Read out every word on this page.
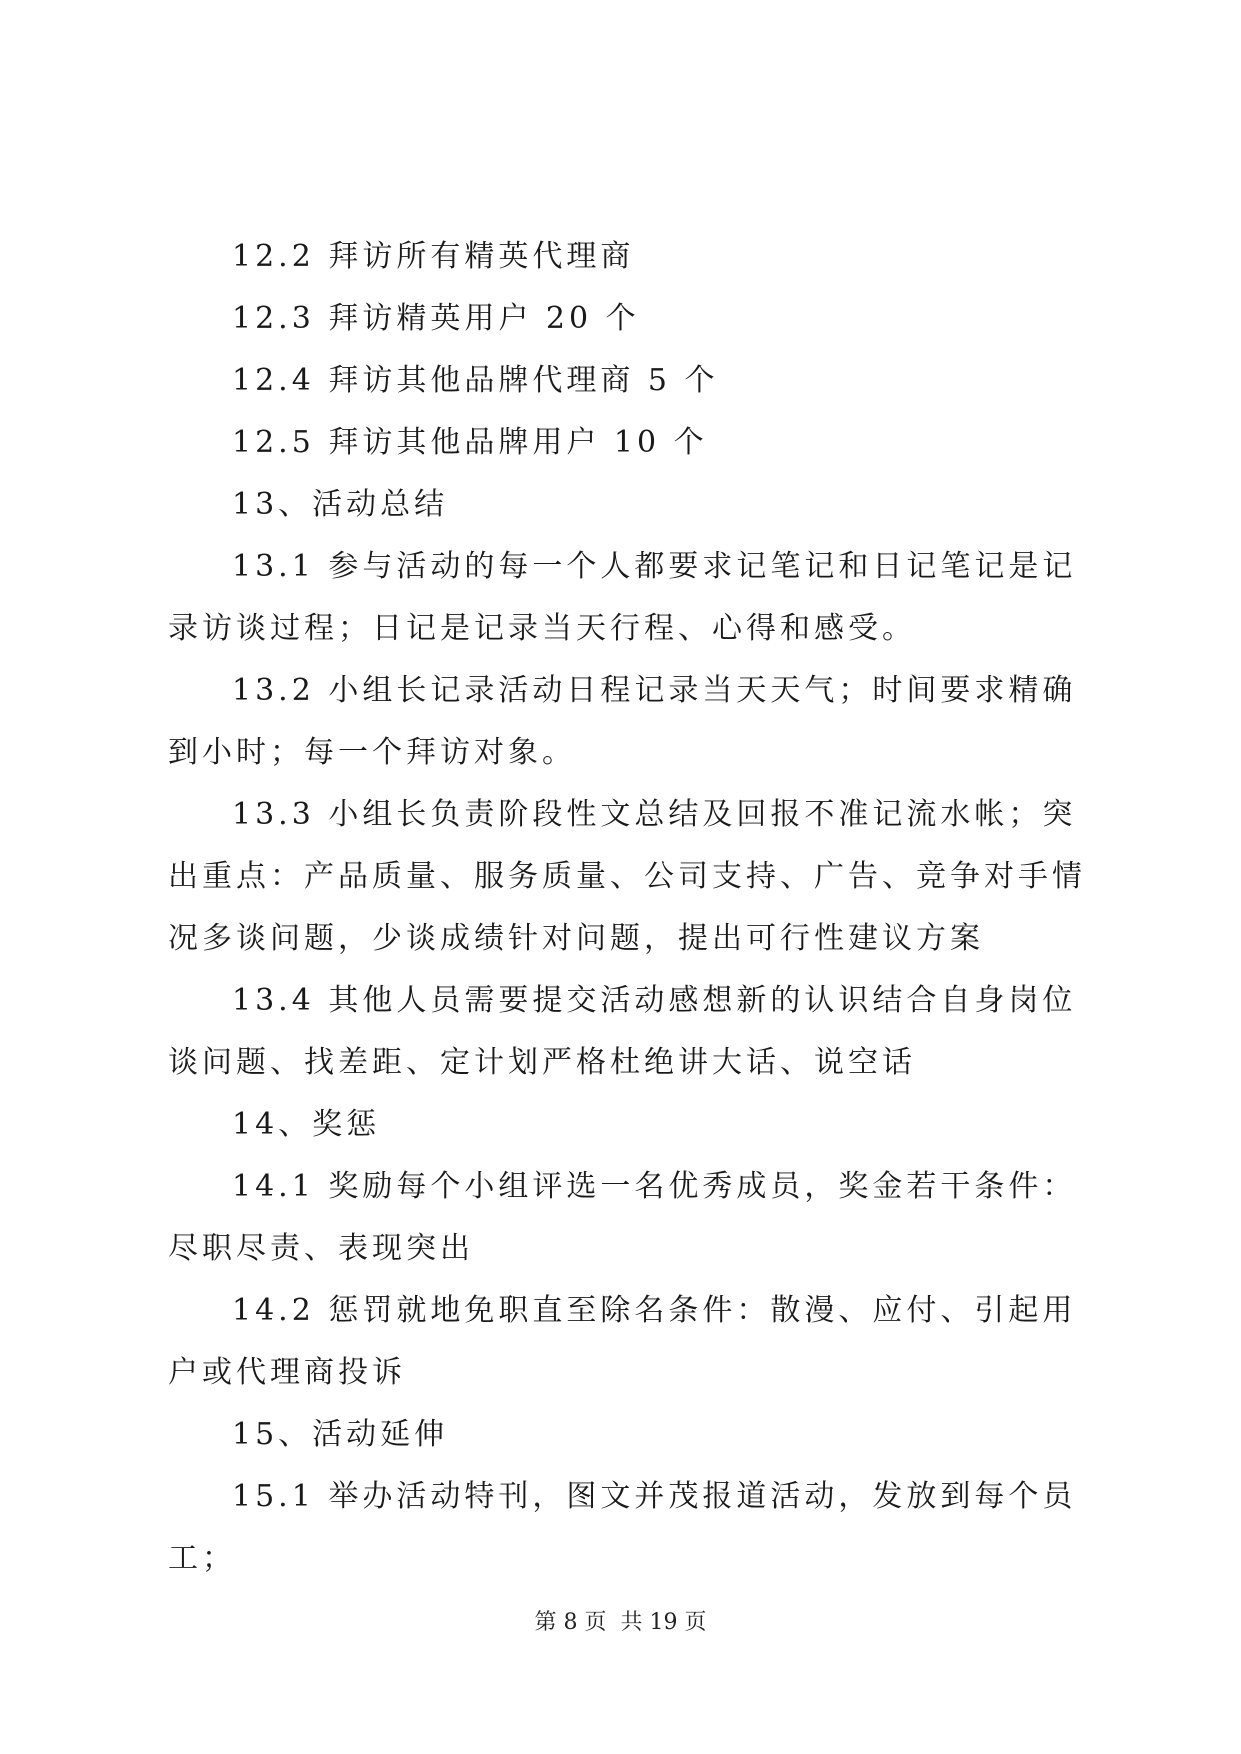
12.2 拜访所有精英代理商

12.3 拜访精英用户 20 个

12.4 拜访其他品牌代理商 5 个

12.5 拜访其他品牌用户 10 个

13、活动总结

13.1 参与活动的每一个人都要求记笔记和日记笔记是记录访谈过程；日记是记录当天行程、心得和感受。

13.2 小组长记录活动日程记录当天天气；时间要求精确到小时；每一个拜访对象。

13.3 小组长负责阶段性文总结及回报不准记流水帐；突出重点：产品质量、服务质量、公司支持、广告、竞争对手情况多谈问题，少谈成绩针对问题，提出可行性建议方案

13.4 其他人员需要提交活动感想新的认识结合自身岗位谈问题、找差距、定计划严格杜绝讲大话、说空话

14、奖惩

14.1 奖励每个小组评选一名优秀成员，奖金若干条件：尽职尽责、表现突出

14.2 惩罚就地免职直至除名条件：散漫、应付、引起用户或代理商投诉

15、活动延伸

15.1 举办活动特刊，图文并茂报道活动，发放到每个员工；

第 8 页  共 19 页
